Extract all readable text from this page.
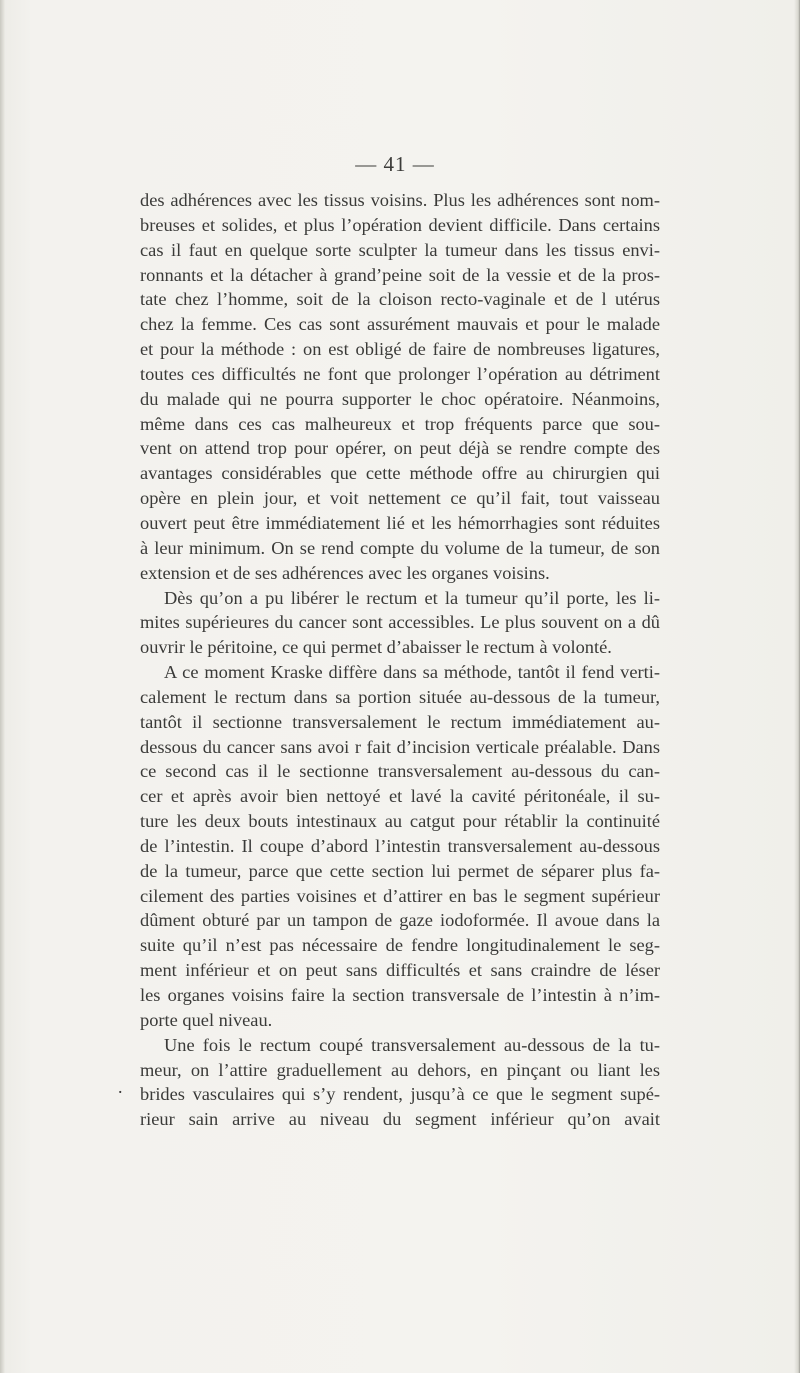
— 41 —
.
des adhérences avec les tissus voisins. Plus les adhérences sont nom-
breuses et solides, et plus l’opération devient difficile. Dans certains
cas il faut en quelque sorte sculpter la tumeur dans les tissus envi-
ronnants et la détacher à grand’peine soit de la vessie et de la pros-
tate chez l’homme, soit de la cloison recto-vaginale et de l utérus
chez la femme. Ces cas sont assurément mauvais et pour le malade
et pour la méthode : on est obligé de faire de nombreuses ligatures,
toutes ces difficultés ne font que prolonger l’opération au détriment
du malade qui ne pourra supporter le choc opératoire. Néanmoins,
même dans ces cas malheureux et trop fréquents parce que sou-
vent on attend trop pour opérer, on peut déjà se rendre compte des
avantages considérables que cette méthode offre au chirurgien qui
opère en plein jour, et voit nettement ce qu’il fait, tout vaisseau
ouvert peut être immédiatement lié et les hémorrhagies sont réduites
à leur minimum. On se rend compte du volume de la tumeur, de son
extension et de ses adhérences avec les organes voisins.
Dès qu’on a pu libérer le rectum et la tumeur qu’il porte, les li-
mites supérieures du cancer sont accessibles. Le plus souvent on a dû
ouvrir le péritoine, ce qui permet d’abaisser le rectum à volonté.
A ce moment Kraske diffère dans sa méthode, tantôt il fend verti-
calement le rectum dans sa portion située au-dessous de la tumeur,
tantôt il sectionne transversalement le rectum immédiatement au-
dessous du cancer sans avoi r fait d’incision verticale préalable. Dans
ce second cas il le sectionne transversalement au-dessous du can-
cer et après avoir bien nettoyé et lavé la cavité péritonéale, il su-
ture les deux bouts intestinaux au catgut pour rétablir la continuité
de l’intestin. Il coupe d’abord l’intestin transversalement au-dessous
de la tumeur, parce que cette section lui permet de séparer plus fa-
cilement des parties voisines et d’attirer en bas le segment supérieur
dûment obturé par un tampon de gaze iodoformée. Il avoue dans la
suite qu’il n’est pas nécessaire de fendre longitudinalement le seg-
ment inférieur et on peut sans difficultés et sans craindre de léser
les organes voisins faire la section transversale de l’intestin à n’im-
porte quel niveau.
Une fois le rectum coupé transversalement au-dessous de la tu-
meur, on l’attire graduellement au dehors, en pinçant ou liant les
brides vasculaires qui s’y rendent, jusqu’à ce que le segment supé-
rieur sain arrive au niveau du segment inférieur qu’on avait
